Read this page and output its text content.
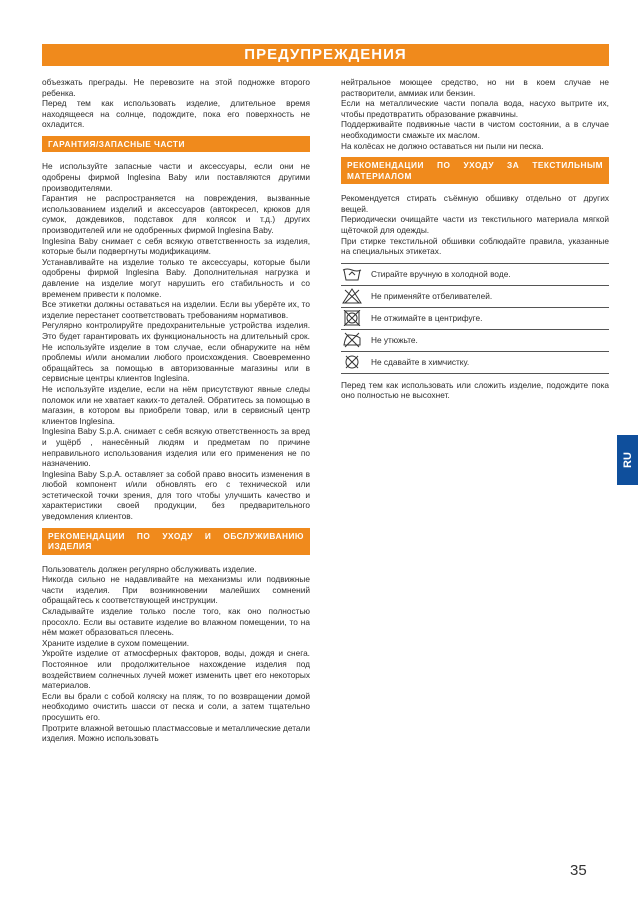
ПРЕДУПРЕЖДЕНИЯ

объезжать преграды. Не перевозите на этой подножке второго ребенка.

Перед тем как использовать изделие, длительное время находящееся на солнце, подождите, пока его поверхность не охладится.

ГАРАНТИЯ/ЗАПАСНЫЕ ЧАСТИ

Не используйте запасные части и аксессуары, если они не одобрены фирмой Inglesina Baby или поставляются другими производителями.

Гарантия не распространяется на повреждения, вызванные использованием изделий и аксессуаров (автокресел, крюков для сумок, дождевиков, подставок для колясок и т.д.) других производителей или не одобренных фирмой Inglesina Baby.

Inglesina Baby снимает с себя всякую ответственность за изделия, которые были подвергнуты модификациям.

Устанавливайте на изделие только те аксессуары, которые были одобрены фирмой Inglesina Baby. Дополнительная нагрузка и давление на изделие могут нарушить его стабильность и со временем привести к поломке.

Все этикетки должны оставаться на изделии. Если вы уберёте их, то изделие перестанет соответствовать требованиям нормативов.

Регулярно контролируйте предохранительные устройства изделия. Это будет гарантировать их функциональность на длительный срок. Не используйте изделие в том случае, если обнаружите на нём проблемы и/или аномалии любого происхождения. Своевременно обращайтесь за помощью в авторизованные магазины или в сервисные центры клиентов Inglesina.

Не используйте изделие, если на нём присутствуют явные следы поломок или не хватает каких-то деталей. Обратитесь за помощью в магазин, в котором вы приобрели товар, или в сервисный центр клиентов Inglesina.

Inglesina Baby S.p.A. снимает с себя всякую ответственность за вред и ущёрб , нанесённый людям и предметам по причине неправильного использования изделия или его применения не по назначению.

Inglesina Baby S.p.A. оставляет за собой право вносить изменения в любой компонент и/или обновлять его с технической или эстетической точки зрения, для того чтобы улучшить качество и характеристики своей продукции, без предварительного уведомления клиентов.

РЕКОМЕНДАЦИИ ПО УХОДУ И ОБСЛУЖИВАНИЮ ИЗДЕЛИЯ

Пользователь должен регулярно обслуживать изделие.

Никогда сильно не надавливайте на механизмы или подвижные части изделия. При возникновении малейших сомнений обращайтесь к соответствующей инструкции.

Складывайте изделие только после того, как оно полностью просохло. Если вы оставите изделие во влажном помещении, то на нём может образоваться плесень.

Храните изделие в сухом помещении.

Укройте изделие от атмосферных факторов, воды, дождя и снега. Постоянное или продолжительное нахождение изделия под воздействием солнечных лучей может изменить цвет его некоторых материалов.

Если вы брали с собой коляску на пляж, то по возвращении домой необходимо очистить шасси от песка и соли, а затем тщательно просушить его.

Протрите влажной ветошью пластмассовые и металлические детали изделия. Можно использовать

нейтральное моющее средство, но ни в коем случае не растворители, аммиак или бензин.

Если на металлические части попала вода, насухо вытрите их, чтобы предотвратить образование ржавчины.

Поддерживайте подвижные части в чистом состоянии, а в случае необходимости смажьте их маслом.

На колёсах не должно оставаться ни пыли ни песка.

РЕКОМЕНДАЦИИ ПО УХОДУ ЗА ТЕКСТИЛЬНЫМ МАТЕРИАЛОМ

Рекомендуется стирать съёмную обшивку отдельно от других вещей.

Периодически очищайте части из текстильного материала мягкой щёточкой для одежды.

При стирке текстильной обшивки соблюдайте правила, указанные на специальных этикетах.

Стирайте вручную в холодной воде.
Не применяйте отбеливателей.
Не отжимайте в центрифуге.
Не утюжьте.
Не сдавайте в химчистку.

Перед тем как использовать или сложить изделие, подождите пока оно полностью не высохнет.

RU
35
